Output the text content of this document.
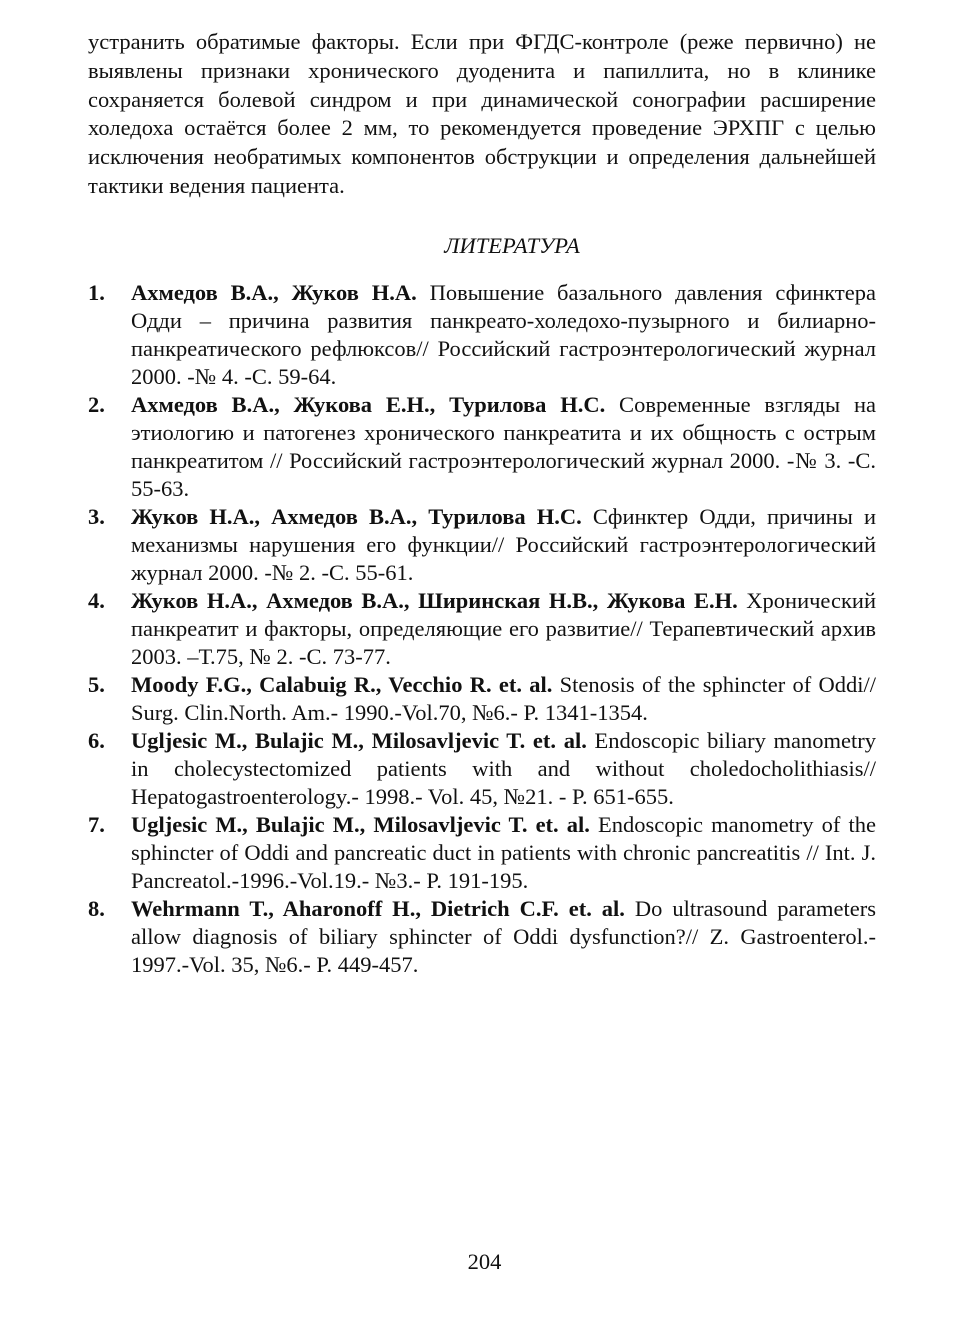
устранить обратимые факторы. Если при ФГДС-контроле (реже первично) не выявлены признаки хронического дуоденита и папиллита, но в клинике сохраняется болевой синдром и при динамической сонографии расширение холедоха остаётся более 2 мм, то рекомендуется проведение ЭРХПГ с целью исключения необратимых компонентов обструкции и определения дальнейшей тактики ведения пациента.

ЛИТЕРАТУРА
1. Ахмедов В.А., Жуков Н.А. Повышение базального давления сфинктера Одди – причина развития панкреато-холедохо-пузырного и билиарно-панкреатического рефлюксов// Российский гастроэнтерологический журнал 2000. -№ 4. -С. 59-64.
2. Ахмедов В.А., Жукова Е.Н., Турилова Н.С. Современные взгляды на этиологию и патогенез хронического панкреатита и их общность с острым панкреатитом // Российский гастроэнтерологический журнал 2000. -№ 3. -С. 55-63.
3. Жуков Н.А., Ахмедов В.А., Турилова Н.С. Сфинктер Одди, причины и механизмы нарушения его функции// Российский гастроэнтерологический журнал 2000. -№ 2. -С. 55-61.
4. Жуков Н.А., Ахмедов В.А., Ширинская Н.В., Жукова Е.Н. Хронический панкреатит и факторы, определяющие его развитие// Терапевтический архив 2003. –Т.75, № 2. -С. 73-77.
5. Moody F.G., Calabuig R., Vecchio R. et. al. Stenosis of the sphincter of Oddi// Surg. Clin.North. Am.- 1990.-Vol.70, №6.- P. 1341-1354.
6. Ugljesic M., Bulajic M., Milosavljevic T. et. al. Endoscopic biliary manometry in cholecystectomized patients with and without choledocholithiasis// Hepatogastroenterology.- 1998.- Vol. 45, №21. - P. 651-655.
7. Ugljesic M., Bulajic M., Milosavljevic T. et. al. Endoscopic manometry of the sphincter of Oddi and pancreatic duct in patients with chronic pancreatitis // Int. J. Pancreatol.-1996.-Vol.19.- №3.- P. 191-195.
8. Wehrmann T., Aharonoff H., Dietrich C.F. et. al. Do ultrasound parameters allow diagnosis of biliary sphincter of Oddi dysfunction?// Z. Gastroenterol.- 1997.-Vol. 35, №6.- P. 449-457.
204
